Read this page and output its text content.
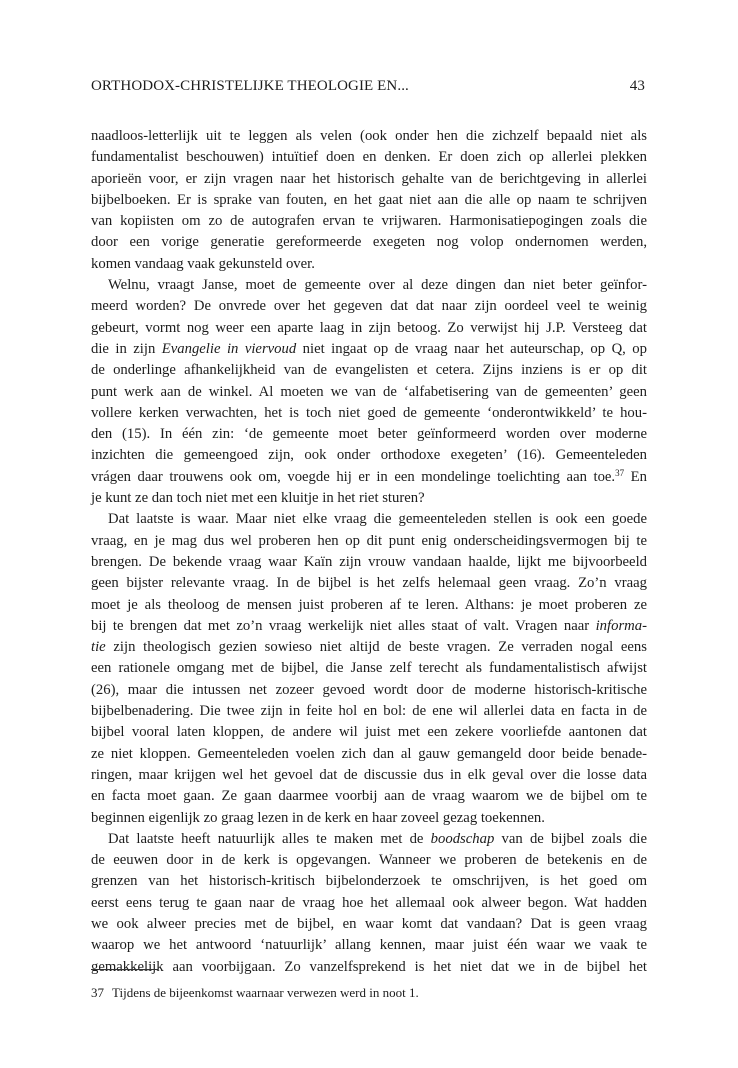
ORTHODOX-CHRISTELIJKE THEOLOGIE EN...	43
naadloos-letterlijk uit te leggen als velen (ook onder hen die zichzelf bepaald niet als
fundamentalist beschouwen) intuïtief doen en denken. Er doen zich op allerlei plekken
aporieën voor, er zijn vragen naar het historisch gehalte van de berichtgeving in allerlei
bijbelboeken. Er is sprake van fouten, en het gaat niet aan die alle op naam te schrijven
van kopiisten om zo de autografen ervan te vrijwaren. Harmonisatiepogingen zoals die
door een vorige generatie gereformeerde exegeten nog volop ondernomen werden,
komen vandaag vaak gekunsteld over.
Welnu, vraagt Janse, moet de gemeente over al deze dingen dan niet beter geïnfor-
meerd worden? De onvrede over het gegeven dat dat naar zijn oordeel veel te weinig
gebeurt, vormt nog weer een aparte laag in zijn betoog. Zo verwijst hij J.P. Versteeg dat
die in zijn Evangelie in viervoud niet ingaat op de vraag naar het auteurschap, op Q, op
de onderlinge afhankelijkheid van de evangelisten et cetera. Zijns inziens is er op dit
punt werk aan de winkel. Al moeten we van de ‘alfabetisering van de gemeenten’ geen
vollere kerken verwachten, het is toch niet goed de gemeente ‘onderontwikkeld’ te hou-
den (15). In één zin: ‘de gemeente moet beter geïnformeerd worden over moderne
inzichten die gemeengoed zijn, ook onder orthodoxe exegeten’ (16). Gemeenteleden
vrágen daar trouwens ook om, voegde hij er in een mondelinge toelichting aan toe.$^{37}$ En
je kunt ze dan toch niet met een kluitje in het riet sturen?
Dat laatste is waar. Maar niet elke vraag die gemeenteleden stellen is ook een goede
vraag, en je mag dus wel proberen hen op dit punt enig onderscheidingsvermogen bij te
brengen. De bekende vraag waar Kaïn zijn vrouw vandaan haalde, lijkt me bijvoorbeeld
geen bijster relevante vraag. In de bijbel is het zelfs helemaal geen vraag. Zo’n vraag
moet je als theoloog de mensen juist proberen af te leren. Althans: je moet proberen ze
bij te brengen dat met zo’n vraag werkelijk niet alles staat of valt. Vragen naar informa-
tie zijn theologisch gezien sowieso niet altijd de beste vragen. Ze verraden nogal eens
een rationele omgang met de bijbel, die Janse zelf terecht als fundamentalistisch afwijst
(26), maar die intussen net zozeer gevoed wordt door de moderne historisch-kritische
bijbelbenadering. Die twee zijn in feite hol en bol: de ene wil allerlei data en facta in de
bijbel vooral laten kloppen, de andere wil juist met een zekere voorliefde aantonen dat
ze niet kloppen. Gemeenteleden voelen zich dan al gauw gemangeld door beide benade-
ringen, maar krijgen wel het gevoel dat de discussie dus in elk geval over die losse data
en facta moet gaan. Ze gaan daarmee voorbij aan de vraag waarom we de bijbel om te
beginnen eigenlijk zo graag lezen in de kerk en haar zoveel gezag toekennen.
Dat laatste heeft natuurlijk alles te maken met de boodschap van de bijbel zoals die
de eeuwen door in de kerk is opgevangen. Wanneer we proberen de betekenis en de
grenzen van het historisch-kritisch bijbelonderzoek te omschrijven, is het goed om
eerst eens terug te gaan naar de vraag hoe het allemaal ook alweer begon. Wat hadden
we ook alweer precies met de bijbel, en waar komt dat vandaan? Dat is geen vraag
waarop we het antwoord ‘natuurlijk’ allang kennen, maar juist één waar we vaak te
gemakkelijk aan voorbijgaan. Zo vanzelfsprekend is het niet dat we in de bijbel het
37 Tijdens de bijeenkomst waarnaar verwezen werd in noot 1.
